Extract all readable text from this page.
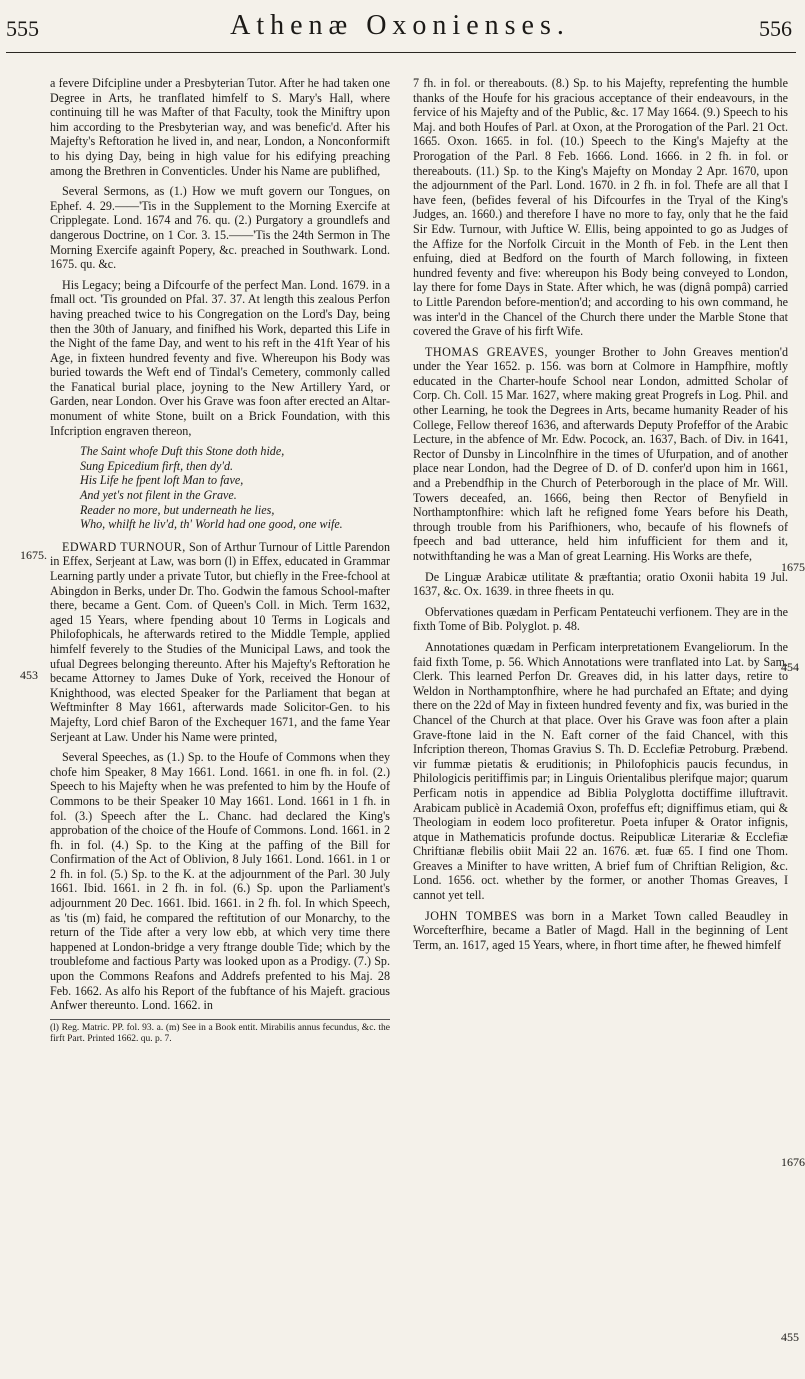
555	Athenæ Oxonienses.	556
1675.
453
1675
454
1676
455

a fevere Difcipline under a Presbyterian Tutor. After he had taken one Degree in Arts, he tranflated himfelf to S. Mary's Hall, where continuing till he was Mafter of that Faculty, took the Miniftry upon him according to the Presbyterian way, and was benefic'd. After his Majefty's Reftoration he lived in, and near, London, a Nonconformift to his dying Day, being in high value for his edifying preaching among the Brethren in Conventicles. Under his Name are publifhed,

Several Sermons, as (1.) How we muft govern our Tongues, on Ephef. 4. 29.——'Tis in the Supplement to the Morning Exercife at Cripplegate. Lond. 1674 and 76. qu. (2.) Purgatory a groundlefs and dangerous Doctrine, on 1 Cor. 3. 15.——'Tis the 24th Sermon in The Morning Exercife againft Popery, &c. preached in Southwark. Lond. 1675. qu. &c.

His Legacy; being a Difcourfe of the perfect Man. Lond. 1679. in a fmall oct. 'Tis grounded on Pfal. 37. 37. At length this zealous Perfon having preached twice to his Congregation on the Lord's Day, being then the 30th of January, and finifhed his Work, departed this Life in the Night of the fame Day, and went to his reft in the 41ft Year of his Age, in fixteen hundred feventy and five. Whereupon his Body was buried towards the Weft end of Tindal's Cemetery, commonly called the Fanatical burial place, joyning to the New Artillery Yard, or Garden, near London. Over his Grave was foon after erected an Altar-monument of white Stone, built on a Brick Foundation, with this Infcription engraven thereon,

The Saint whofe Duft this Stone doth hide,
Sung Epicedium firft, then dy'd.
His Life he fpent loft Man to fave,
And yet's not filent in the Grave.
Reader no more, but underneath he lies,
Who, whilft he liv'd, th' World had one good, one wife.

EDWARD TURNOUR, Son of Arthur Turnour of Little Parendon in Effex, Serjeant at Law, was born (l) in Effex, educated in Grammar Learning partly under a private Tutor, but chiefly in the Free-fchool at Abingdon in Berks, under Dr. Tho. Godwin the famous School-mafter there, became a Gent. Com. of Queen's Coll. in Mich. Term 1632, aged 15 Years, where fpending about 10 Terms in Logicals and Philofophicals, he afterwards retired to the Middle Temple, applied himfelf feverely to the Studies of the Municipal Laws, and took the ufual Degrees belonging thereunto. After his Majefty's Reftoration he became Attorney to James Duke of York, received the Honour of Knighthood, was elected Speaker for the Parliament that began at Weftminfter 8 May 1661, afterwards made Solicitor-Gen. to his Majefty, Lord chief Baron of the Exchequer 1671, and the fame Year Serjeant at Law. Under his Name were printed,

Several Speeches, as (1.) Sp. to the Houfe of Commons when they chofe him Speaker, 8 May 1661. Lond. 1661. in one fh. in fol. (2.) Speech to his Majefty when he was prefented to him by the Houfe of Commons to be their Speaker 10 May 1661. Lond. 1661 in 1 fh. in fol. (3.) Speech after the L. Chanc. had declared the King's approbation of the choice of the Houfe of Commons. Lond. 1661. in 2 fh. in fol. (4.) Sp. to the King at the paffing of the Bill for Confirmation of the Act of Oblivion, 8 July 1661. Lond. 1661. in 1 or 2 fh. in fol. (5.) Sp. to the K. at the adjournment of the Parl. 30 July 1661. Ibid. 1661. in 2 fh. in fol. (6.) Sp. upon the Parliament's adjournment 20 Dec. 1661. Ibid. 1661. in 2 fh. fol. In which Speech, as 'tis (m) faid, he compared the reftitution of our Monarchy, to the return of the Tide after a very low ebb, at which very time there happened at London-bridge a very ftrange double Tide; which by the troublefome and factious Party was looked upon as a Prodigy. (7.) Sp. upon the Commons Reafons and Addrefs prefented to his Maj. 28 Feb. 1662. As alfo his Report of the fubftance of his Majeft. gracious Anfwer thereunto. Lond. 1662. in

(l) Reg. Matric. PP. fol. 93. a. (m) See in a Book entit. Mirabilis annus fecundus, &c. the firft Part. Printed 1662. qu. p. 7.

7 fh. in fol. or thereabouts. (8.) Sp. to his Majefty, reprefenting the humble thanks of the Houfe for his gracious acceptance of their endeavours, in the fervice of his Majefty and of the Public, &c. 17 May 1664. (9.) Speech to his Maj. and both Houfes of Parl. at Oxon, at the Prorogation of the Parl. 21 Oct. 1665. Oxon. 1665. in fol. (10.) Speech to the King's Majefty at the Prorogation of the Parl. 8 Feb. 1666. Lond. 1666. in 2 fh. in fol. or thereabouts. (11.) Sp. to the King's Majefty on Monday 2 Apr. 1670, upon the adjournment of the Parl. Lond. 1670. in 2 fh. in fol. Thefe are all that I have feen, (befides feveral of his Difcourfes in the Tryal of the King's Judges, an. 1660.) and therefore I have no more to fay, only that he the faid Sir Edw. Turnour, with Juftice W. Ellis, being appointed to go as Judges of the Affize for the Norfolk Circuit in the Month of Feb. in the Lent then enfuing, died at Bedford on the fourth of March following, in fixteen hundred feventy and five: whereupon his Body being conveyed to London, lay there for fome Days in State. After which, he was (dignâ pompâ) carried to Little Parendon before-mention'd; and according to his own command, he was inter'd in the Chancel of the Church there under the Marble Stone that covered the Grave of his firft Wife.

THOMAS GREAVES, younger Brother to John Greaves mention'd under the Year 1652. p. 156. was born at Colmore in Hampfhire, moftly educated in the Charter-houfe School near London, admitted Scholar of Corp. Ch. Coll. 15 Mar. 1627, where making great Progrefs in Log. Phil. and other Learning, he took the Degrees in Arts, became humanity Reader of his College, Fellow thereof 1636, and afterwards Deputy Profeffor of the Arabic Lecture, in the abfence of Mr. Edw. Pocock, an. 1637, Bach. of Div. in 1641, Rector of Dunsby in Lincolnfhire in the times of Ufurpation, and of another place near London, had the Degree of D. of D. confer'd upon him in 1661, and a Prebendfhip in the Church of Peterborough in the place of Mr. Will. Towers deceafed, an. 1666, being then Rector of Benyfield in Northamptonfhire: which laft he refigned fome Years before his Death, through trouble from his Parifhioners, who, becaufe of his flownefs of fpeech and bad utterance, held him infufficient for them and it, notwithftanding he was a Man of great Learning. His Works are thefe,

De Linguæ Arabicæ utilitate & præftantia; oratio Oxonii habita 19 Jul. 1637, &c. Ox. 1639. in three fheets in qu.

Obfervationes quædam in Perficam Pentateuchi verfionem. They are in the fixth Tome of Bib. Polyglot. p. 48.

Annotationes quædam in Perficam interpretationem Evangeliorum. In the faid fixth Tome, p. 56. Which Annotations were tranflated into Lat. by Sam. Clerk. This learned Perfon Dr. Greaves did, in his latter days, retire to Weldon in Northamptonfhire, where he had purchafed an Eftate; and dying there on the 22d of May in fixteen hundred feventy and fix, was buried in the Chancel of the Church at that place. Over his Grave was foon after a plain Grave-ftone laid in the N. Eaft corner of the faid Chancel, with this Infcription thereon, Thomas Gravius S. Th. D. Ecclefiæ Petroburg. Præbend. vir fummæ pietatis & eruditionis; in Philofophicis paucis fecundus, in Philologicis peritiffimis par; in Linguis Orientalibus plerifque major; quarum Perficam notis in appendice ad Biblia Polyglotta doctiffime illuftravit. Arabicam publicè in Academiâ Oxon, profeffus eft; digniffimus etiam, qui & Theologiam in eodem loco profiteretur. Poeta infuper & Orator infignis, atque in Mathematicis profunde doctus. Reipublicæ Literariæ & Ecclefiæ Chriftianæ flebilis obiit Maii 22 an. 1676. æt. fuæ 65. I find one Thom. Greaves a Minifter to have written, A brief fum of Chriftian Religion, &c. Lond. 1656. oct. whether by the former, or another Thomas Greaves, I cannot yet tell.

JOHN TOMBES was born in a Market Town called Beaudley in Worcefterfhire, became a Batler of Magd. Hall in the beginning of Lent Term, an. 1617, aged 15 Years, where, in fhort time after, he fhewed himfelf
